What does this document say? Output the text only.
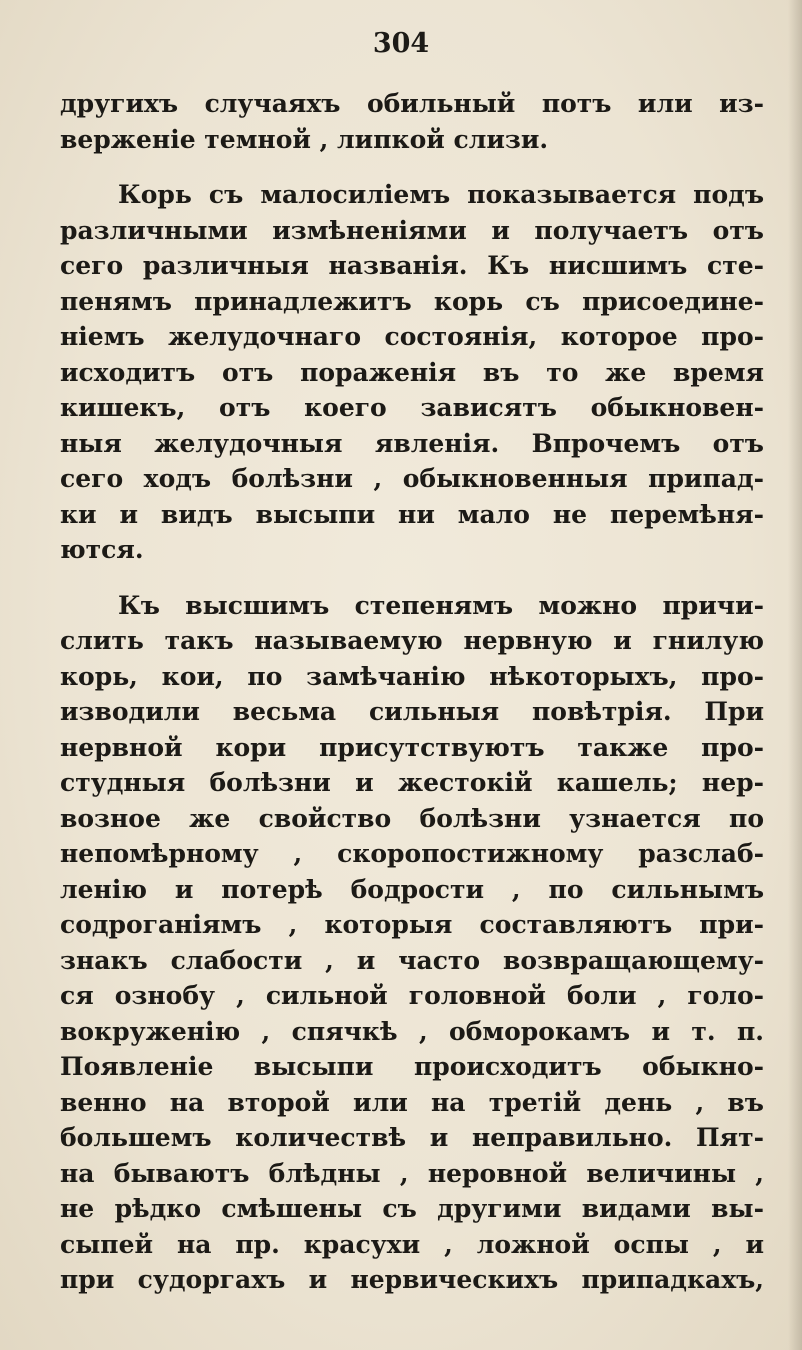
304
другихъ случаяхъ обильный потъ или из-
верженіе темной , липкой слизи.
Корь съ малосиліемъ показывается подъ
различными измѣненіями и получаетъ отъ
сего различныя названія. Къ нисшимъ сте-
пенямъ принадлежитъ корь съ присоедине-
ніемъ желудочнаго состоянія, которое про-
исходитъ отъ пораженія въ то же время
кишекъ, отъ коего зависятъ обыкновен-
ныя желудочныя явленія. Впрочемъ отъ
сего ходъ болѣзни , обыкновенныя припад-
ки и видъ высыпи ни мало не перемѣня-
ются.
Къ высшимъ степенямъ можно причи-
слить такъ называемую нервную и гнилую
корь, кои, по замѣчанію нѣкоторыхъ, про-
изводили весьма сильныя повѣтрія. При
нервной кори присутствуютъ также про-
студныя болѣзни и жестокій кашель; нер-
возное же свойство болѣзни узнается по
непомѣрному , скоропостижному разслаб-
ленію и потерѣ бодрости , по сильнымъ
содроганіямъ , которыя составляютъ при-
знакъ слабости , и часто возвращающему-
ся ознобу , сильной головной боли , голо-
вокруженію , спячкѣ , обморокамъ и т. п.
Появленіе высыпи происходитъ обыкно-
венно на второй или на третій день , въ
большемъ количествѣ и неправильно. Пят-
на бываютъ блѣдны , неровной величины ,
не рѣдко смѣшены съ другими видами вы-
сыпей на пр. красухи , ложной оспы , и
при судоргахъ и нервическихъ припадкахъ,
